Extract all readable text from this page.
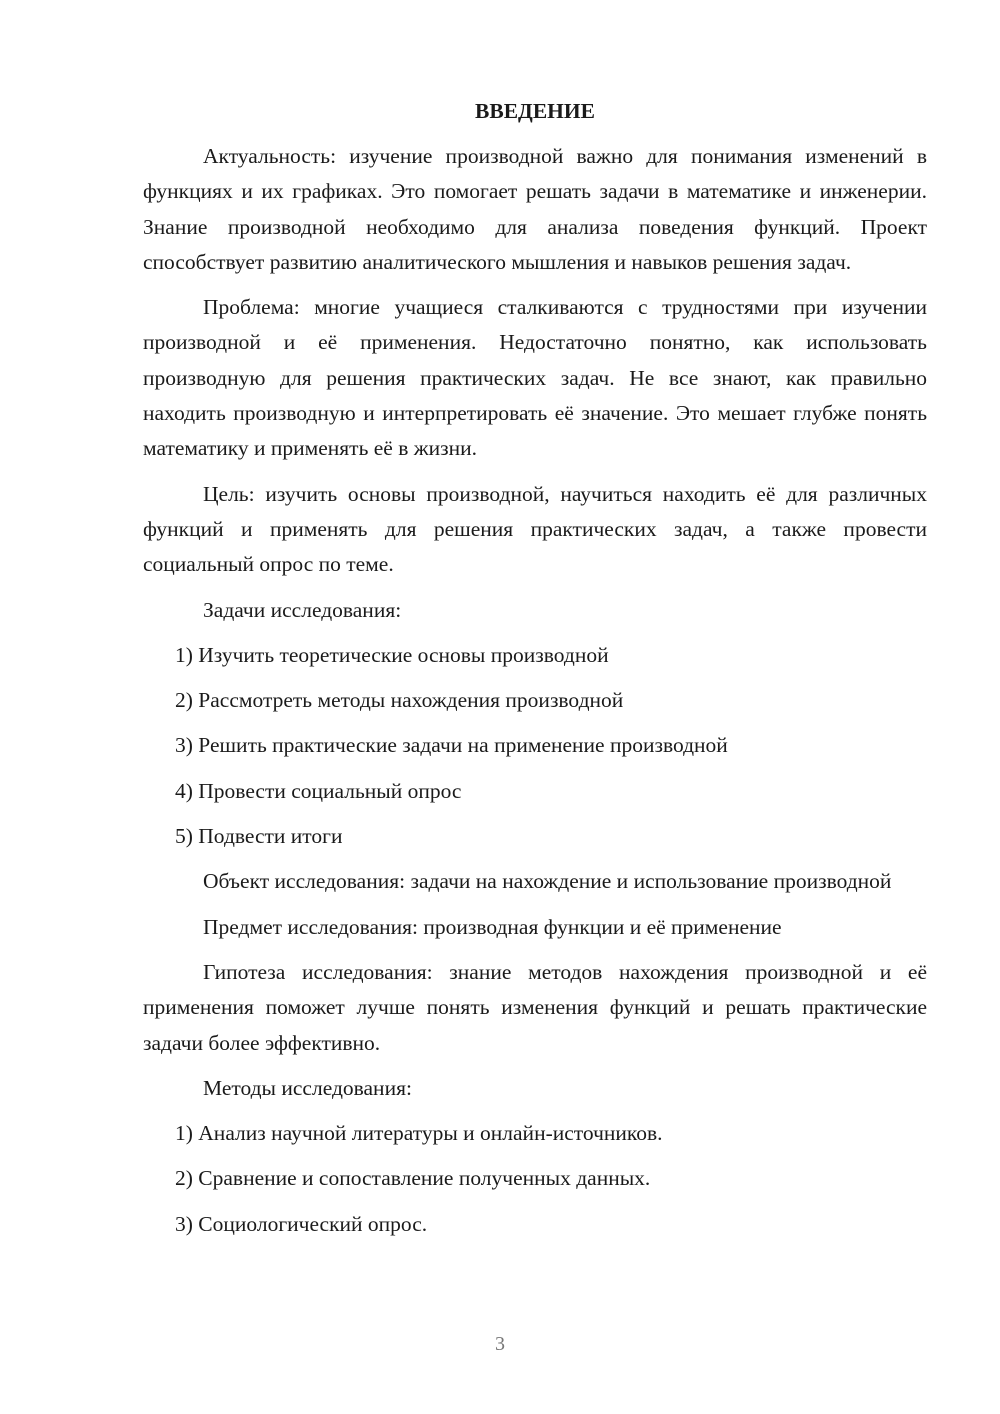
ВВЕДЕНИЕ
Актуальность: изучение производной важно для понимания изменений в функциях и их графиках. Это помогает решать задачи в математике и инженерии. Знание производной необходимо для анализа поведения функций. Проект способствует развитию аналитического мышления и навыков решения задач.
Проблема: многие учащиеся сталкиваются с трудностями при изучении производной и её применения. Недостаточно понятно, как использовать производную для решения практических задач. Не все знают, как правильно находить производную и интерпретировать её значение. Это мешает глубже понять математику и применять её в жизни.
Цель: изучить основы производной, научиться находить её для различных функций и применять для решения практических задач, а также провести социальный опрос по теме.
Задачи исследования:
1) Изучить теоретические основы производной
2) Рассмотреть методы нахождения производной
3) Решить практические задачи на применение производной
4) Провести социальный опрос
5) Подвести итоги
Объект исследования: задачи на нахождение и использование производной
Предмет исследования: производная функции и её применение
Гипотеза исследования: знание методов нахождения производной и её применения поможет лучше понять изменения функций и решать практические задачи более эффективно.
Методы исследования:
1) Анализ научной литературы и онлайн-источников.
2) Сравнение и сопоставление полученных данных.
3) Социологический опрос.
3
